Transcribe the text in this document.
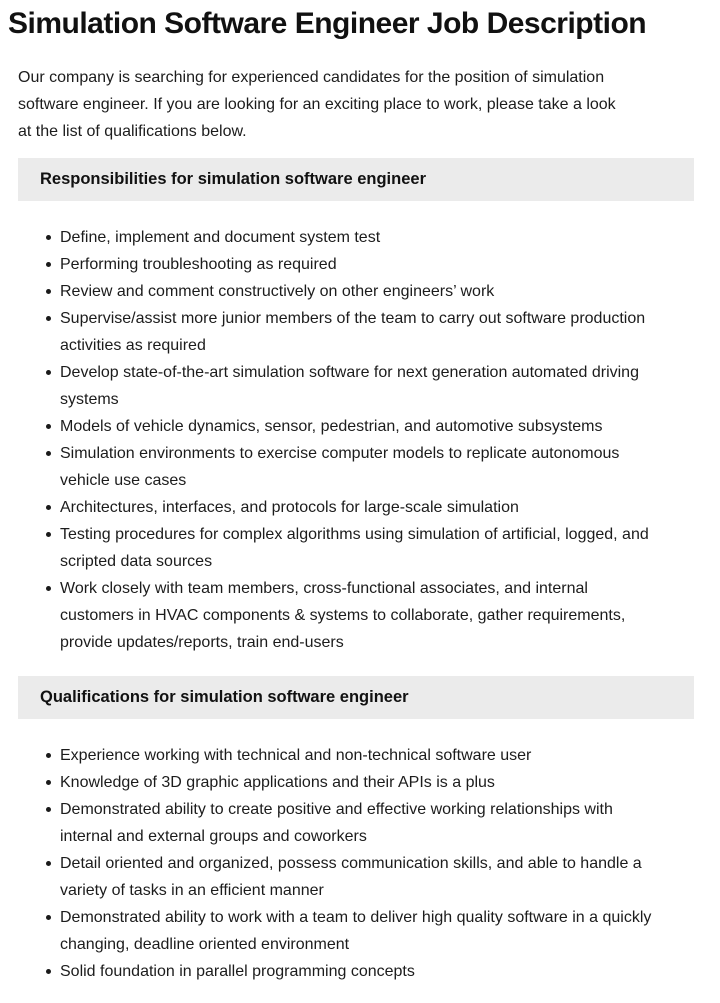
Simulation Software Engineer Job Description

Our company is searching for experienced candidates for the position of simulation software engineer. If you are looking for an exciting place to work, please take a look at the list of qualifications below.

Responsibilities for simulation software engineer
Define, implement and document system test
Performing troubleshooting as required
Review and comment constructively on other engineers’ work
Supervise/assist more junior members of the team to carry out software production activities as required
Develop state-of-the-art simulation software for next generation automated driving systems
Models of vehicle dynamics, sensor, pedestrian, and automotive subsystems
Simulation environments to exercise computer models to replicate autonomous vehicle use cases
Architectures, interfaces, and protocols for large-scale simulation
Testing procedures for complex algorithms using simulation of artificial, logged, and scripted data sources
Work closely with team members, cross-functional associates, and internal customers in HVAC components & systems to collaborate, gather requirements, provide updates/reports, train end-users
Qualifications for simulation software engineer
Experience working with technical and non-technical software user
Knowledge of 3D graphic applications and their APIs is a plus
Demonstrated ability to create positive and effective working relationships with internal and external groups and coworkers
Detail oriented and organized, possess communication skills, and able to handle a variety of tasks in an efficient manner
Demonstrated ability to work with a team to deliver high quality software in a quickly changing, deadline oriented environment
Solid foundation in parallel programming concepts
